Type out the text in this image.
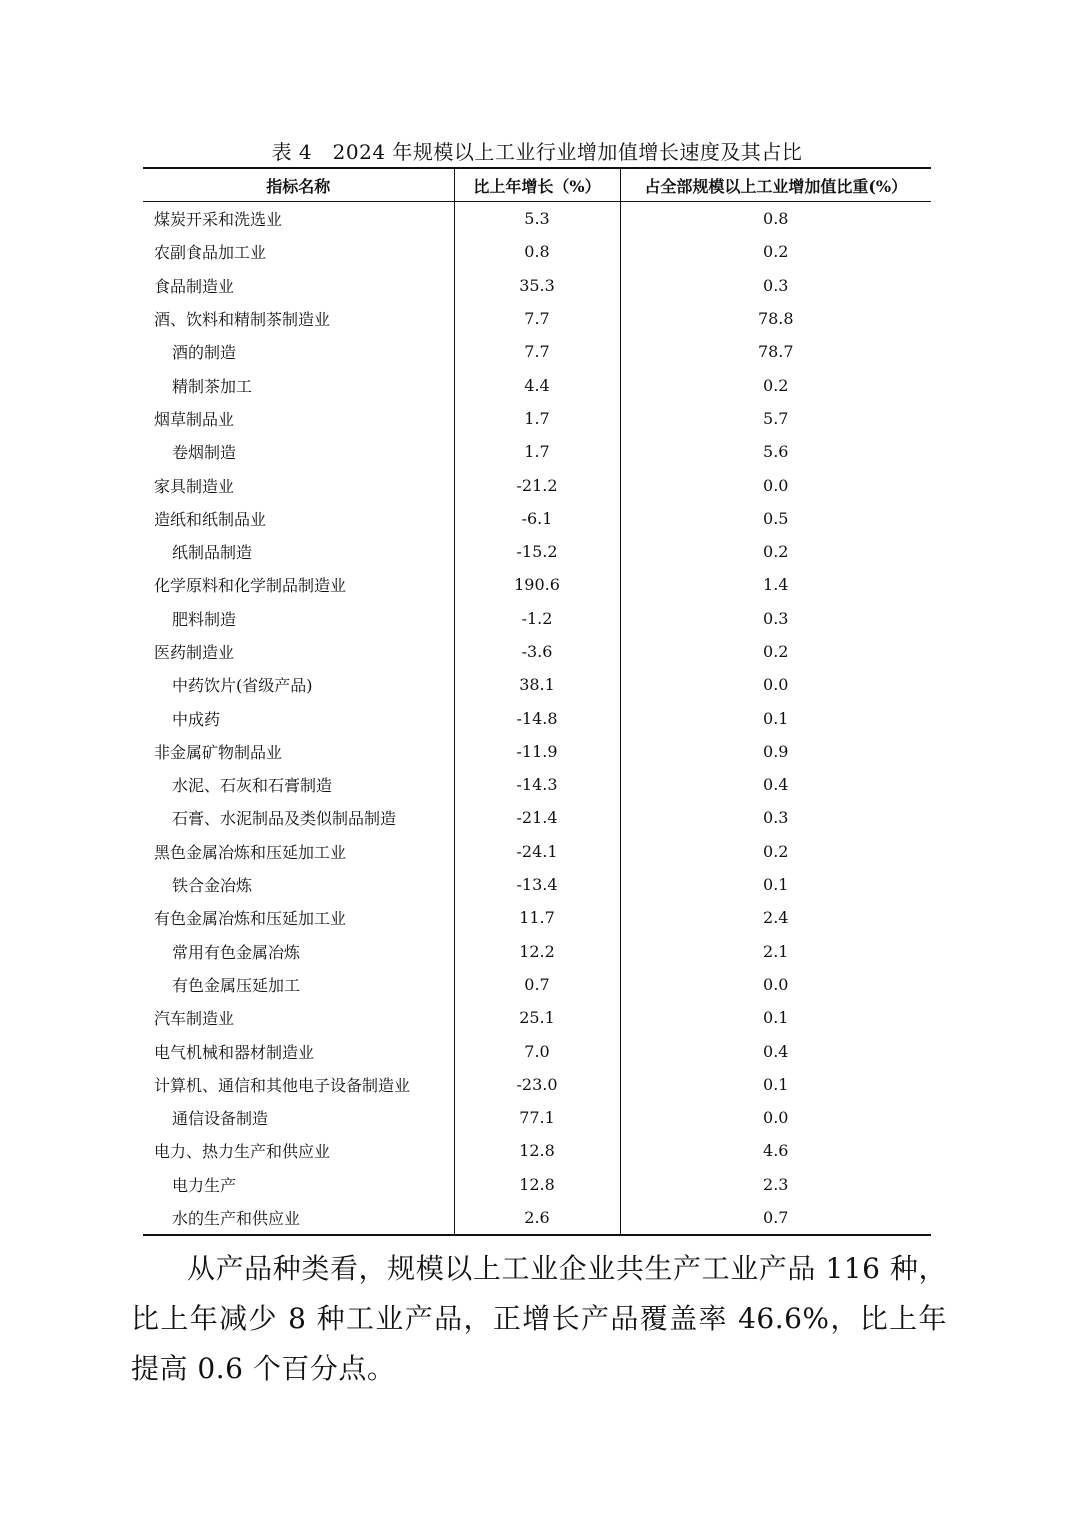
表 4　2024 年规模以上工业行业增加值增长速度及其占比
指标名称	比上年增长（%）	占全部规模以上工业增加值比重(%）
煤炭开采和洗选业	5.3	0.8
农副食品加工业	0.8	0.2
食品制造业	35.3	0.3
酒、饮料和精制茶制造业	7.7	78.8
酒的制造	7.7	78.7
精制茶加工	4.4	0.2
烟草制品业	1.7	5.7
卷烟制造	1.7	5.6
家具制造业	-21.2	0.0
造纸和纸制品业	-6.1	0.5
纸制品制造	-15.2	0.2
化学原料和化学制品制造业	190.6	1.4
肥料制造	-1.2	0.3
医药制造业	-3.6	0.2
中药饮片(省级产品)	38.1	0.0
中成药	-14.8	0.1
非金属矿物制品业	-11.9	0.9
水泥、石灰和石膏制造	-14.3	0.4
石膏、水泥制品及类似制品制造	-21.4	0.3
黑色金属冶炼和压延加工业	-24.1	0.2
铁合金冶炼	-13.4	0.1
有色金属冶炼和压延加工业	11.7	2.4
常用有色金属冶炼	12.2	2.1
有色金属压延加工	0.7	0.0
汽车制造业	25.1	0.1
电气机械和器材制造业	7.0	0.4
计算机、通信和其他电子设备制造业	-23.0	0.1
通信设备制造	77.1	0.0
电力、热力生产和供应业	12.8	4.6
电力生产	12.8	2.3
水的生产和供应业	2.6	0.7

从产品种类看，规模以上工业企业共生产工业产品 116 种，比上年减少 8 种工业产品，正增长产品覆盖率 46.6%，比上年提高 0.6 个百分点。
